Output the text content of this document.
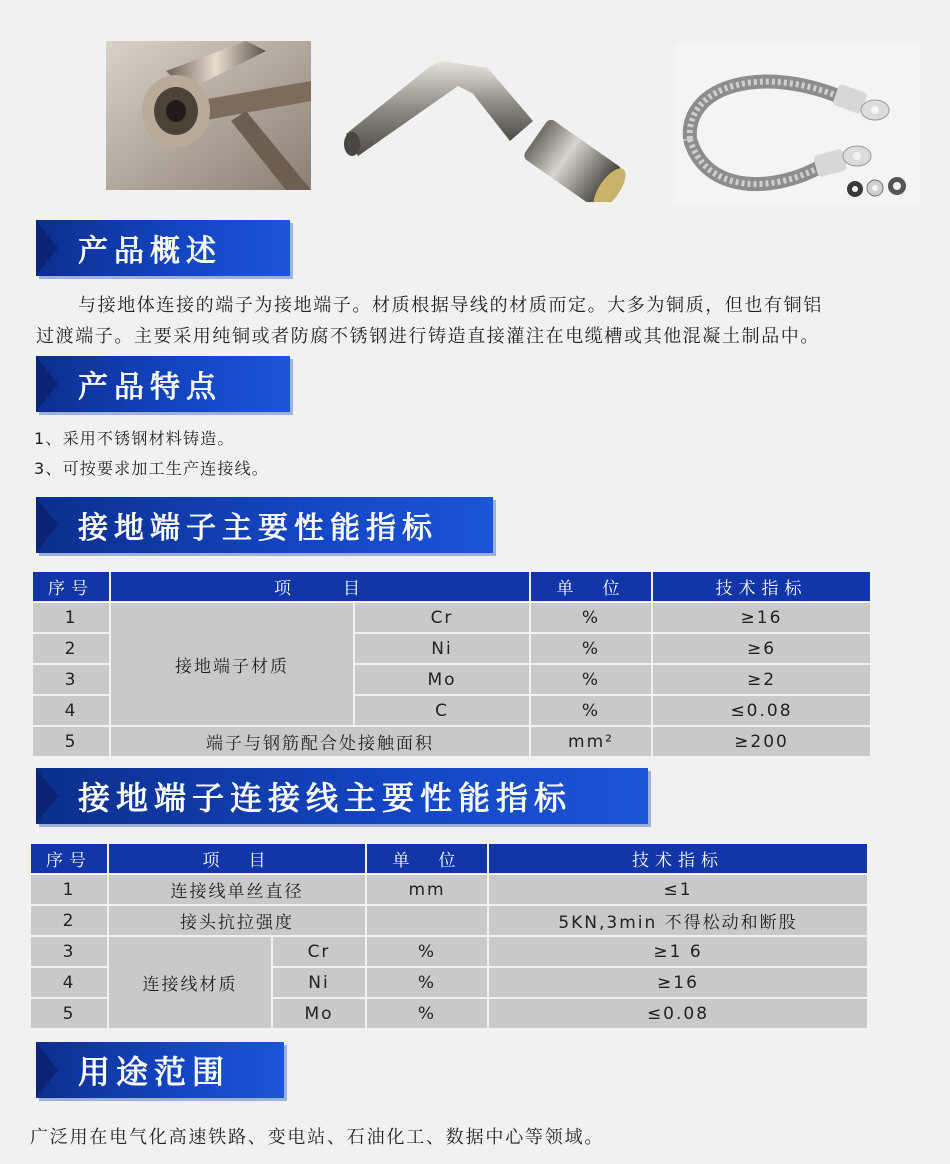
产品概述
与接地体连接的端子为接地端子。材质根据导线的材质而定。大多为铜质，但也有铜铝
过渡端子。主要采用纯铜或者防腐不锈钢进行铸造直接灌注在电缆槽或其他混凝土制品中。
产品特点
1、采用不锈钢材料铸造。
3、可按要求加工生产连接线。
接地端子主要性能指标
序号	项　　目		单　位	技术指标
1	接地端子材质	Cr	%	≥16
2		Ni	%	≥6
3		Mo	%	≥2
4		C	%	≤0.08
5	端子与钢筋配合处接触面积		mm²	≥200
接地端子连接线主要性能指标
序号	项　目		单　位	技术指标
1	连接线单丝直径		mm	≤1
2	接头抗拉强度			5KN,3min 不得松动和断股
3	连接线材质	Cr	%	≥1 6
4		Ni	%	≥16
5		Mo	%	≤0.08
用途范围
广泛用在电气化高速铁路、变电站、石油化工、数据中心等领域。
